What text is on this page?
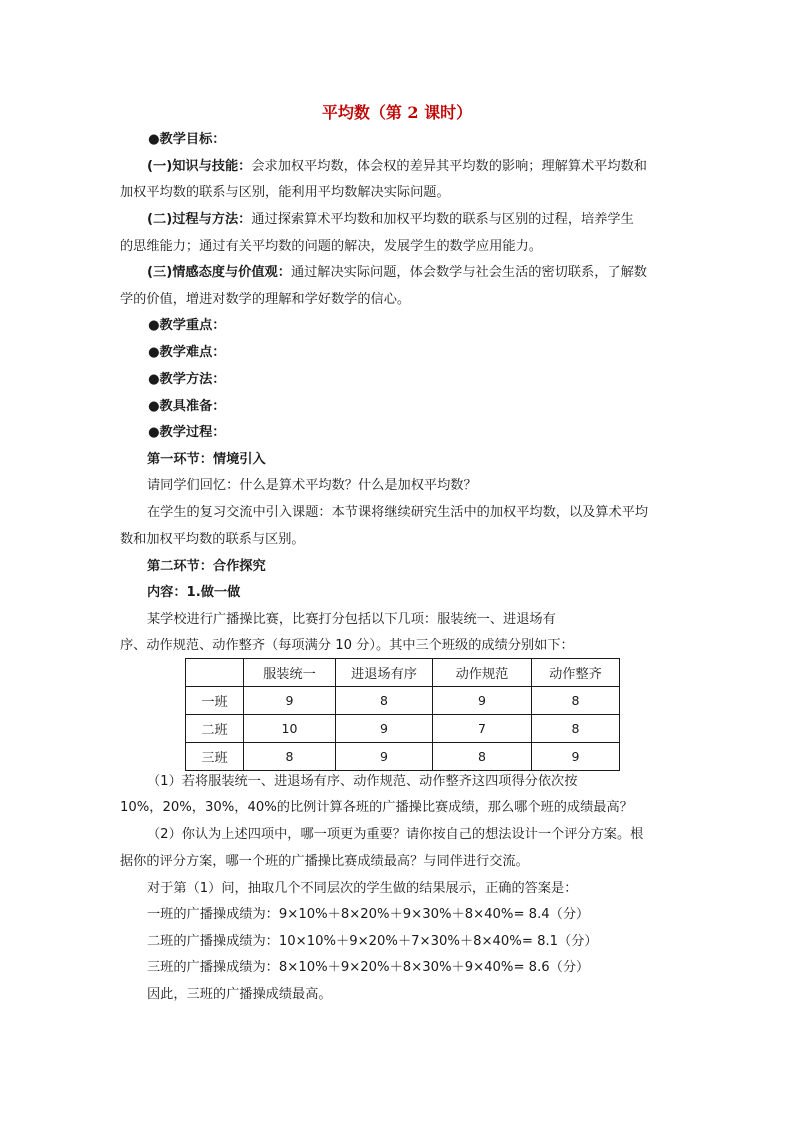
平均数（第 2 课时）
● 教学目标：
(一)知识与技能：会求加权平均数，体会权的差异其平均数的影响；理解算术平均数和
加权平均数的联系与区别，能利用平均数解决实际问题。
(二)过程与方法：通过探索算术平均数和加权平均数的联系与区别的过程，培养学生
的思维能力；通过有关平均数的问题的解决，发展学生的数学应用能力。
(三)情感态度与价值观：通过解决实际问题，体会数学与社会生活的密切联系，了解数
学的价值，增进对数学的理解和学好数学的信心。
● 教学重点：
● 教学难点：
● 教学方法：
● 教具准备：
● 教学过程：
第一环节：情境引入
请同学们回忆：什么是算术平均数？什么是加权平均数？
在学生的复习交流中引入课题：本节课将继续研究生活中的加权平均数，以及算术平均
数和加权平均数的联系与区别。
第二环节：合作探究
内容：1.做一做
某学校进行广播操比赛，比赛打分包括以下几项：服装统一、进退场有
序、动作规范、动作整齐（每项满分 10 分）。其中三个班级的成绩分别如下：
	服装统一	进退场有序	动作规范	动作整齐
一班	9	8	9	8
二班	10	9	7	8
三班	8	9	8	9
（1）若将服装统一、进退场有序、动作规范、动作整齐这四项得分依次按
10%，20%，30%，40%的比例计算各班的广播操比赛成绩，那么哪个班的成绩最高？
（2）你认为上述四项中，哪一项更为重要？请你按自己的想法设计一个评分方案。根
据你的评分方案，哪一个班的广播操比赛成绩最高？与同伴进行交流。
对于第（1）问，抽取几个不同层次的学生做的结果展示，正确的答案是：
一班的广播操成绩为：9×10%＋8×20%＋9×30%＋8×40%= 8.4（分）
二班的广播操成绩为：10×10%＋9×20%＋7×30%＋8×40%= 8.1（分）
三班的广播操成绩为：8×10%＋9×20%＋8×30%＋9×40%= 8.6（分）
因此，三班的广播操成绩最高。
